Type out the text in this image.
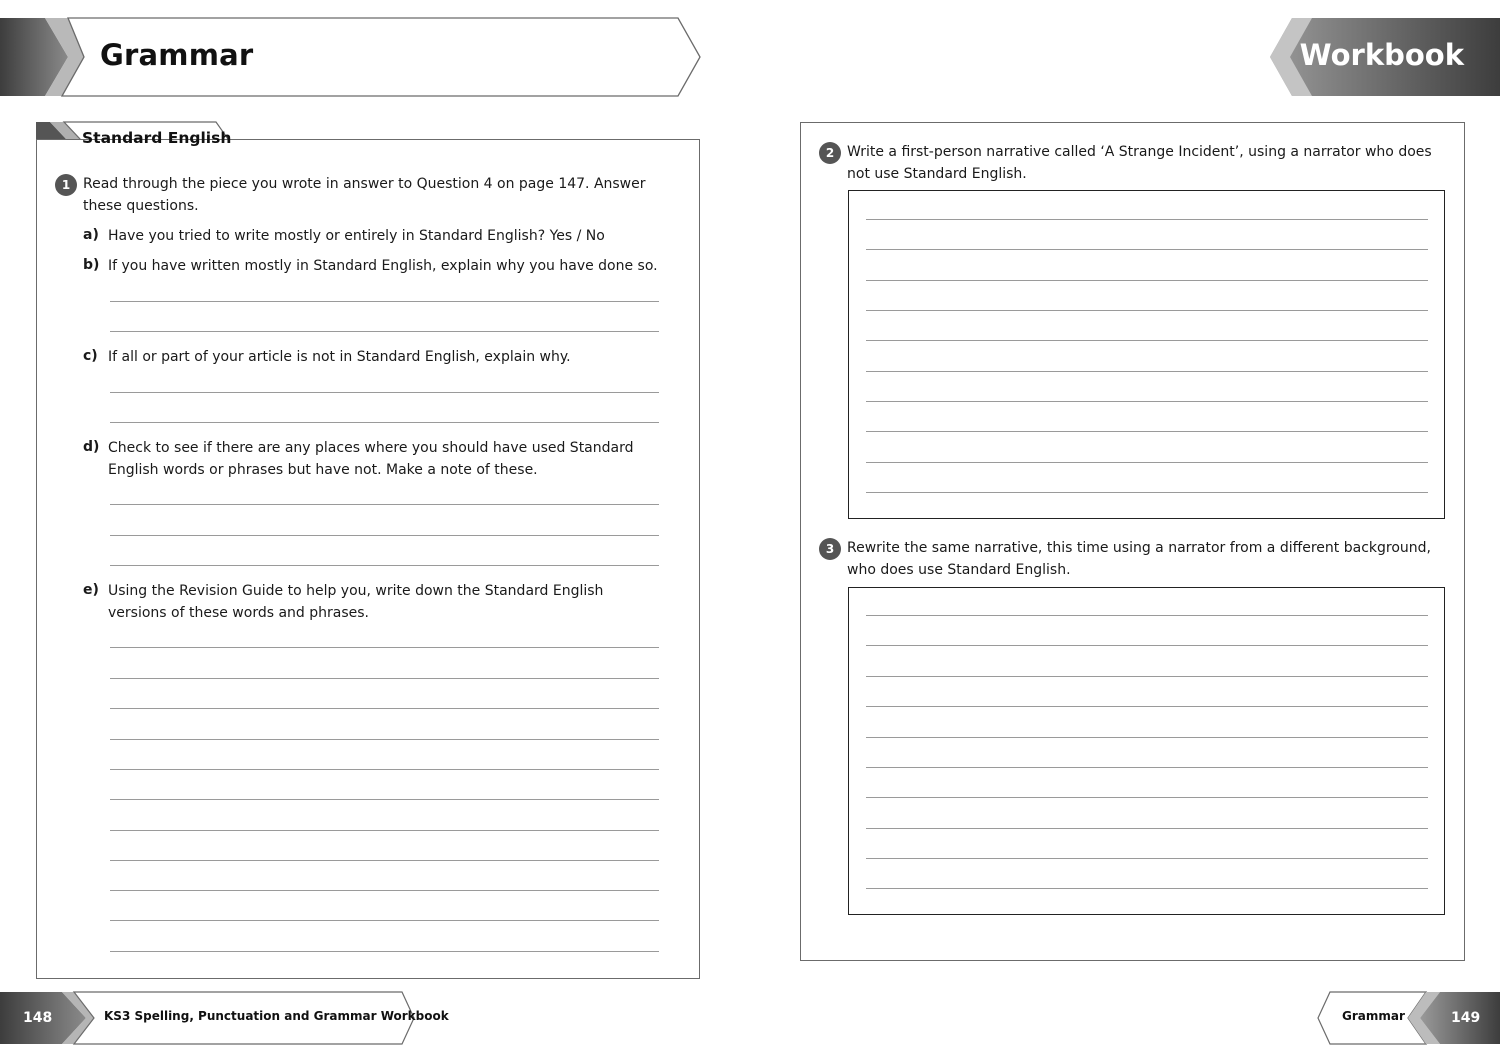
Grammar	Workbook
Standard English
1 Read through the piece you wrote in answer to Question 4 on page 147. Answer these questions.
a) Have you tried to write mostly or entirely in Standard English? Yes / No
b) If you have written mostly in Standard English, explain why you have done so.
c) If all or part of your article is not in Standard English, explain why.
d) Check to see if there are any places where you should have used Standard English words or phrases but have not. Make a note of these.
e) Using the Revision Guide to help you, write down the Standard English versions of these words and phrases.
2 Write a first-person narrative called ‘A Strange Incident’, using a narrator who does not use Standard English.
3 Rewrite the same narrative, this time using a narrator from a different background, who does use Standard English.
148	KS3 Spelling, Punctuation and Grammar Workbook	Grammar	149
